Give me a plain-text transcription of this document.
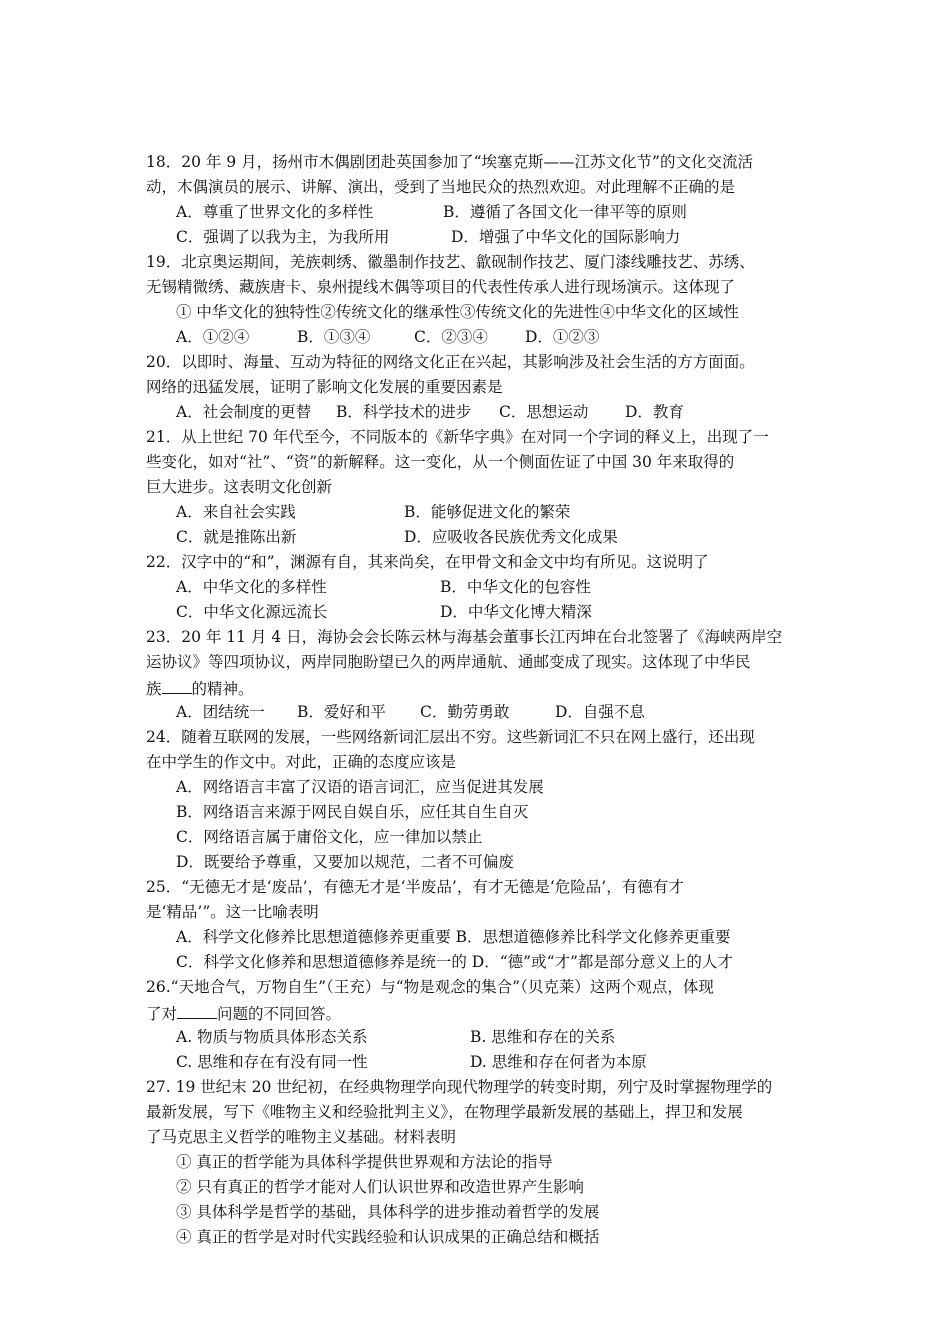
18．20 年 9 月，扬州市木偶剧团赴英国参加了“埃塞克斯——江苏文化节”的文化交流活
动，木偶演员的展示、讲解、演出，受到了当地民众的热烈欢迎。对此理解不正确的是
A．尊重了世界文化的多样性	B．遵循了各国文化一律平等的原则
C．强调了以我为主，为我所用	D．增强了中华文化的国际影响力
19．北京奥运期间，羌族刺绣、徽墨制作技艺、歙砚制作技艺、厦门漆线雕技艺、苏绣、
无锡精微绣、藏族唐卡、泉州提线木偶等项目的代表性传承人进行现场演示。这体现了
① 中华文化的独特性②传统文化的继承性③传统文化的先进性④中华文化的区域性
A．①②④	B．①③④	C．②③④ D．①②③
20．以即时、海量、互动为特征的网络文化正在兴起，其影响涉及社会生活的方方面面。
网络的迅猛发展，证明了影响文化发展的重要因素是
A．社会制度的更替 B．科学技术的进步 C．思想运动 D．教育
21．从上世纪 70 年代至今，不同版本的《新华字典》在对同一个字词的释义上，出现了一
些变化，如对“社”、“资”的新解释。这一变化，从一个侧面佐证了中国 30 年来取得的
巨大进步。这表明文化创新
A．来自社会实践	B．能够促进文化的繁荣
C．就是推陈出新	D．应吸收各民族优秀文化成果
22．汉字中的“和”，渊源有自，其来尚矣，在甲骨文和金文中均有所见。这说明了
A．中华文化的多样性	B．中华文化的包容性
C．中华文化源远流长	D．中华文化博大精深
23．20 年 11 月 4 日，海协会会长陈云林与海基会董事长江丙坤在台北签署了《海峡两岸空
运协议》等四项协议，两岸同胞盼望已久的两岸通航、通邮变成了现实。这体现了中华民
族 的精神。
A．团结统一 B．爱好和平 C．勤劳勇敢	D．自强不息
24．随着互联网的发展，一些网络新词汇层出不穷。这些新词汇不只在网上盛行，还出现
在中学生的作文中。对此，正确的态度应该是
A．网络语言丰富了汉语的语言词汇，应当促进其发展
B．网络语言来源于网民自娱自乐，应任其自生自灭
C．网络语言属于庸俗文化，应一律加以禁止
D．既要给予尊重，又要加以规范，二者不可偏废
25．“无德无才是‘废品’，有德无才是‘半废品’，有才无德是‘危险品’，有德有才
是‘精品’”。这一比喻表明
A．科学文化修养比思想道德修养更重要 B．思想道德修养比科学文化修养更重要
C．科学文化修养和思想道德修养是统一的 D．“德”或“才”都是部分意义上的人才
26.“天地合气，万物自生”（王充）与“物是观念的集合”（贝克莱）这两个观点，体现
了对	问题的不同回答。
A. 物质与物质具体形态关系	B. 思维和存在的关系
C. 思维和存在有没有同一性	D. 思维和存在何者为本原
27. 19 世纪末 20 世纪初，在经典物理学向现代物理学的转变时期，列宁及时掌握物理学的
最新发展，写下《唯物主义和经验批判主义》，在物理学最新发展的基础上，捍卫和发展
了马克思主义哲学的唯物主义基础。材料表明
① 真正的哲学能为具体科学提供世界观和方法论的指导
② 只有真正的哲学才能对人们认识世界和改造世界产生影响
③ 具体科学是哲学的基础，具体科学的进步推动着哲学的发展
④ 真正的哲学是对时代实践经验和认识成果的正确总结和概括
